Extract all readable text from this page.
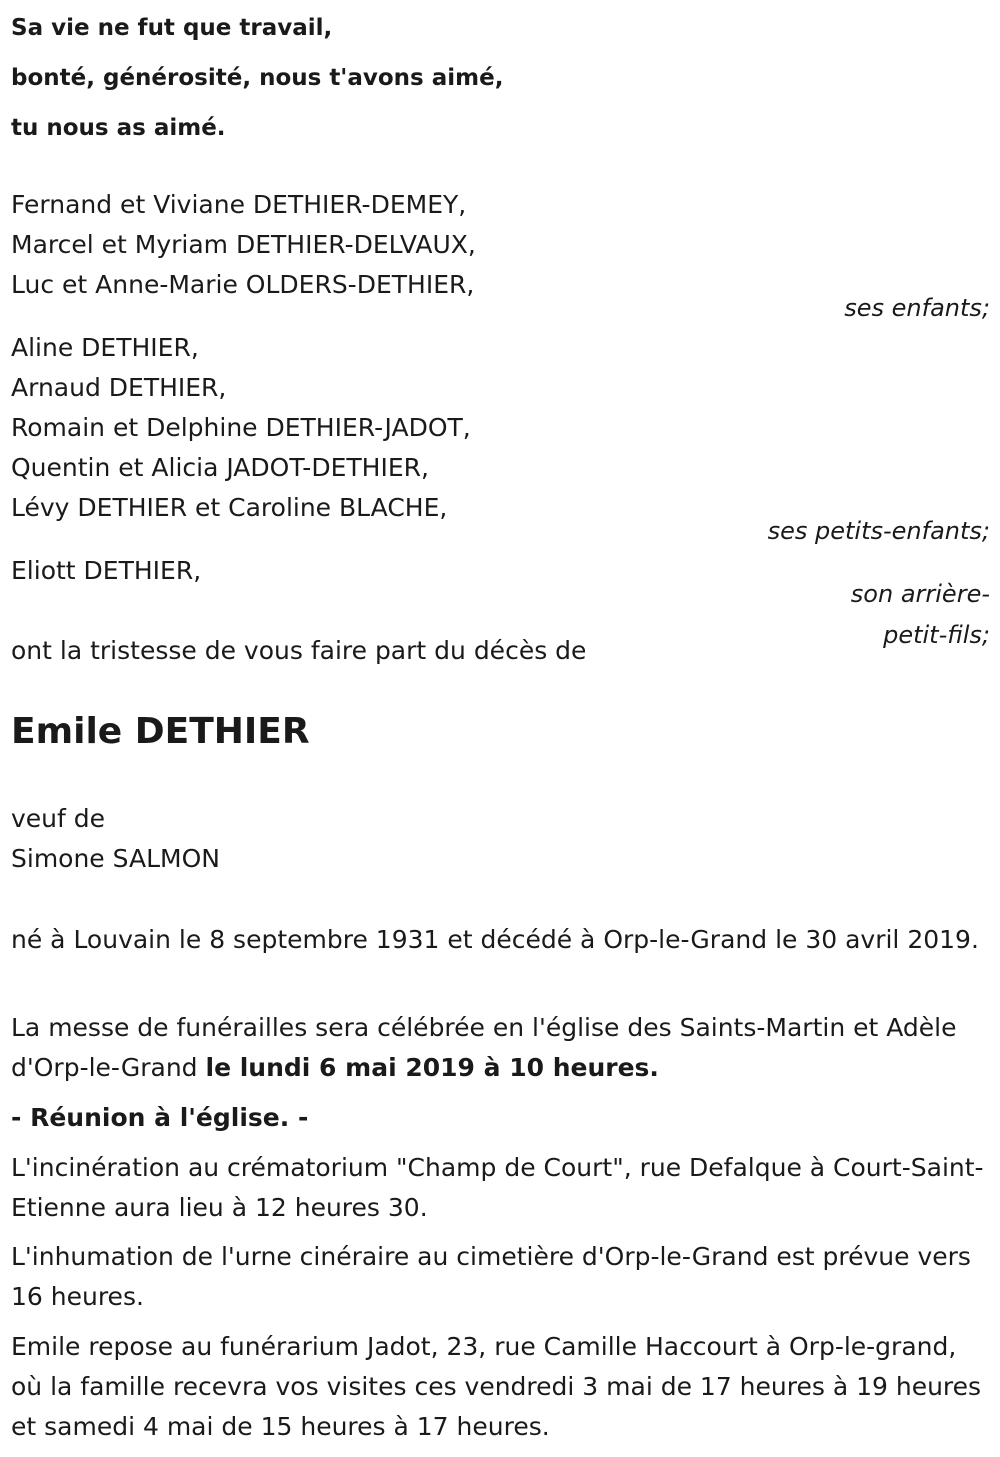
Sa vie ne fut que travail,
bonté, générosité, nous t'avons aimé,
tu nous as aimé.
Fernand et Viviane DETHIER-DEMEY,
Marcel et Myriam DETHIER-DELVAUX,
Luc et Anne-Marie OLDERS-DETHIER,
ses enfants;
Aline DETHIER,
Arnaud DETHIER,
Romain et Delphine DETHIER-JADOT,
Quentin et Alicia JADOT-DETHIER,
Lévy DETHIER et Caroline BLACHE,
ses petits-enfants;
Eliott DETHIER,
son arrière-
petit-fils;
ont la tristesse de vous faire part du décès de
Emile DETHIER
veuf de
Simone SALMON
né à Louvain le 8 septembre 1931 et décédé à Orp-le-Grand le 30 avril 2019.
La messe de funérailles sera célébrée en l'église des Saints-Martin et Adèle d'Orp-le-Grand le lundi 6 mai 2019 à 10 heures.
- Réunion à l'église. -
L'incinération au crématorium "Champ de Court", rue Defalque à Court-Saint-Etienne aura lieu à 12 heures 30.
L'inhumation de l'urne cinéraire au cimetière d'Orp-le-Grand est prévue vers 16 heures.
Emile repose au funérarium Jadot, 23, rue Camille Haccourt à Orp-le-grand, où la famille recevra vos visites ces vendredi 3 mai de 17 heures à 19 heures et samedi 4 mai de 15 heures à 17 heures.
